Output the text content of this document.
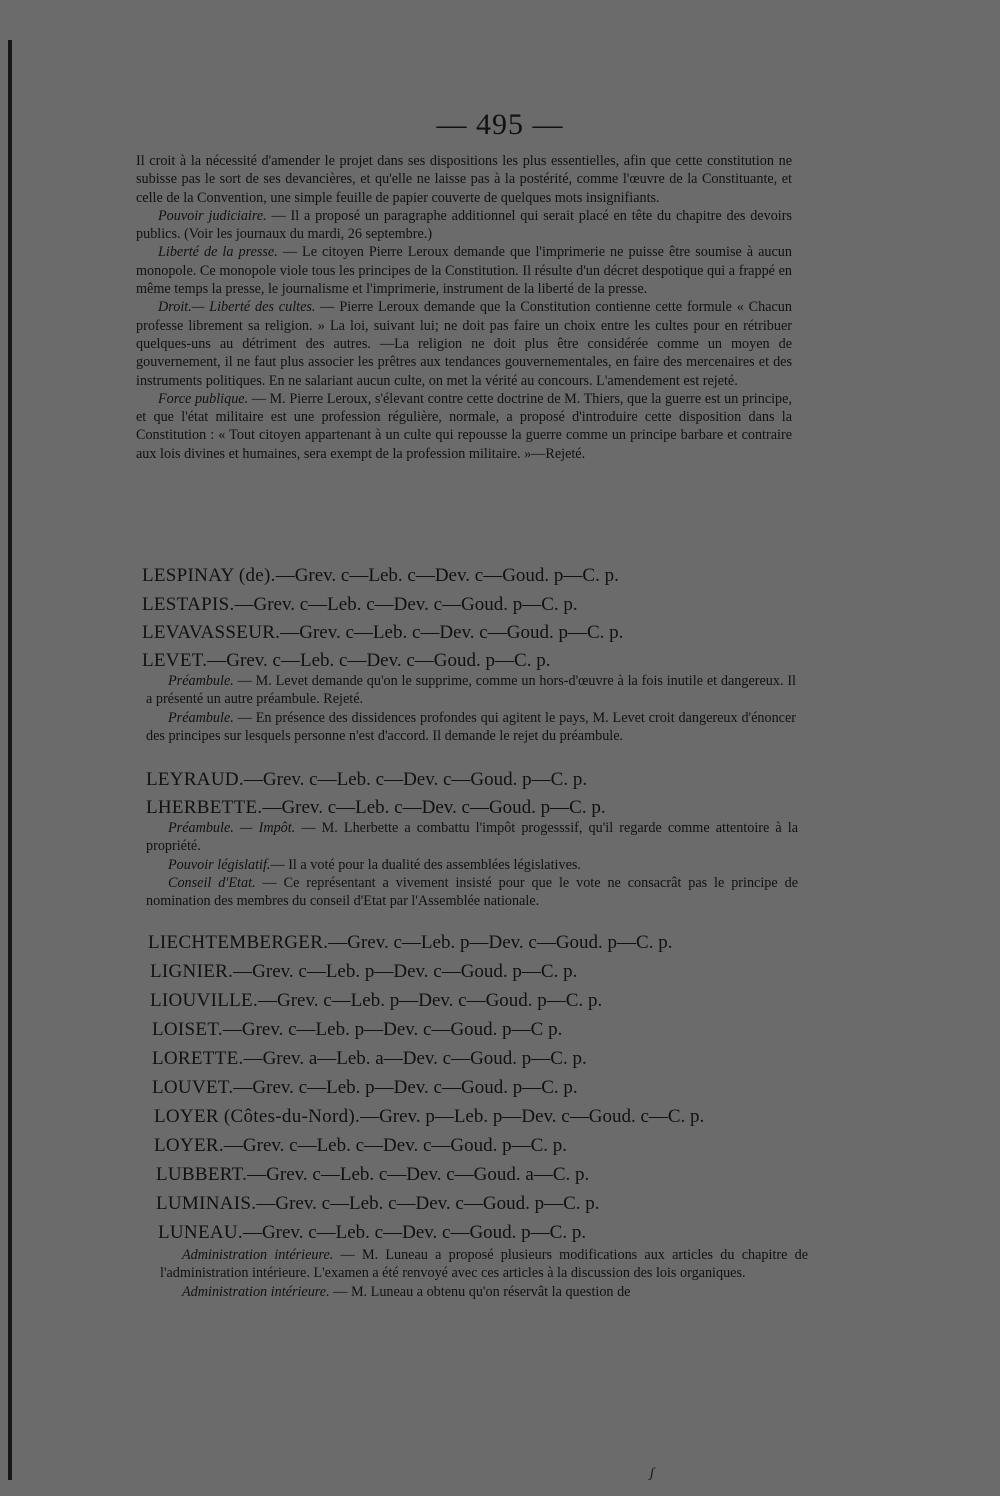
— 495 —

Il croit à la nécessité d'amender le projet dans ses dispositions les plus essentielles, afin que cette constitution ne subisse pas le sort de ses devancières, et qu'elle ne laisse pas à la postérité, comme l'œuvre de la Constituante, et celle de la Convention, une simple feuille de papier couverte de quelques mots insignifiants.

Pouvoir judiciaire. — Il a proposé un paragraphe additionnel qui serait placé en tête du chapitre des devoirs publics. (Voir les journaux du mardi, 26 septembre.)

Liberté de la presse. — Le citoyen Pierre Leroux demande que l'imprimerie ne puisse être soumise à aucun monopole. Ce monopole viole tous les principes de la Constitution. Il résulte d'un décret despotique qui a frappé en même temps la presse, le journalisme et l'imprimerie, instrument de la liberté de la presse.

Droit.— Liberté des cultes. — Pierre Leroux demande que la Constitution contienne cette formule « Chacun professe librement sa religion. » La loi, suivant lui; ne doit pas faire un choix entre les cultes pour en rétribuer quelques-uns au détriment des autres. —La religion ne doit plus être considérée comme un moyen de gouvernement, il ne faut plus associer les prêtres aux tendances gouvernementales, en faire des mercenaires et des instruments politiques. En ne salariant aucun culte, on met la vérité au concours. L'amendement est rejeté.

Force publique. — M. Pierre Leroux, s'élevant contre cette doctrine de M. Thiers, que la guerre est un principe, et que l'état militaire est une profession régulière, normale, a proposé d'introduire cette disposition dans la Constitution : « Tout citoyen appartenant à un culte qui repousse la guerre comme un principe barbare et contraire aux lois divines et humaines, sera exempt de la profession militaire. »—Rejeté.

LESPINAY (de).—Grev. c—Leb. c—Dev. c—Goud. p—C. p.
LESTAPIS.—Grev. c—Leb. c—Dev. c—Goud. p—C. p.
LEVAVASSEUR.—Grev. c—Leb. c—Dev. c—Goud. p—C. p.
LEVET.—Grev. c—Leb. c—Dev. c—Goud. p—C. p.

Préambule. — M. Levet demande qu'on le supprime, comme un hors-d'œuvre à la fois inutile et dangereux. Il a présenté un autre préambule. Rejeté.

Préambule. — En présence des dissidences profondes qui agitent le pays, M. Levet croit dangereux d'énoncer des principes sur lesquels personne n'est d'accord. Il demande le rejet du préambule.

LEYRAUD.—Grev. c—Leb. c—Dev. c—Goud. p—C. p.
LHERBETTE.—Grev. c—Leb. c—Dev. c—Goud. p—C. p.

Préambule. — Impôt. — M. Lherbette a combattu l'impôt progesssif, qu'il regarde comme attentoire à la propriété.

Pouvoir législatif.— Il a voté pour la dualité des assemblées législatives.

Conseil d'Etat. — Ce représentant a vivement insisté pour que le vote ne consacrât pas le principe de nomination des membres du conseil d'Etat par l'Assemblée nationale.

LIECHTEMBERGER.—Grev. c—Leb. p—Dev. c—Goud. p—C. p.
LIGNIER.—Grev. c—Leb. p—Dev. c—Goud. p—C. p.
LIOUVILLE.—Grev. c—Leb. p—Dev. c—Goud. p—C. p.
LOISET.—Grev. c—Leb. p—Dev. c—Goud. p—C p.
LORETTE.—Grev. a—Leb. a—Dev. c—Goud. p—C. p.
LOUVET.—Grev. c—Leb. p—Dev. c—Goud. p—C. p.
LOYER (Côtes-du-Nord).—Grev. p—Leb. p—Dev. c—Goud. c—C. p.
LOYER.—Grev. c—Leb. c—Dev. c—Goud. p—C. p.
LUBBERT.—Grev. c—Leb. c—Dev. c—Goud. a—C. p.
LUMINAIS.—Grev. c—Leb. c—Dev. c—Goud. p—C. p.
LUNEAU.—Grev. c—Leb. c—Dev. c—Goud. p—C. p.

Administration intérieure. — M. Luneau a proposé plusieurs modifications aux articles du chapitre de l'administration intérieure. L'examen a été renvoyé avec ces articles à la discussion des lois organiques.

Administration intérieure. — M. Luneau a obtenu qu'on réservât la question de

ʃ
